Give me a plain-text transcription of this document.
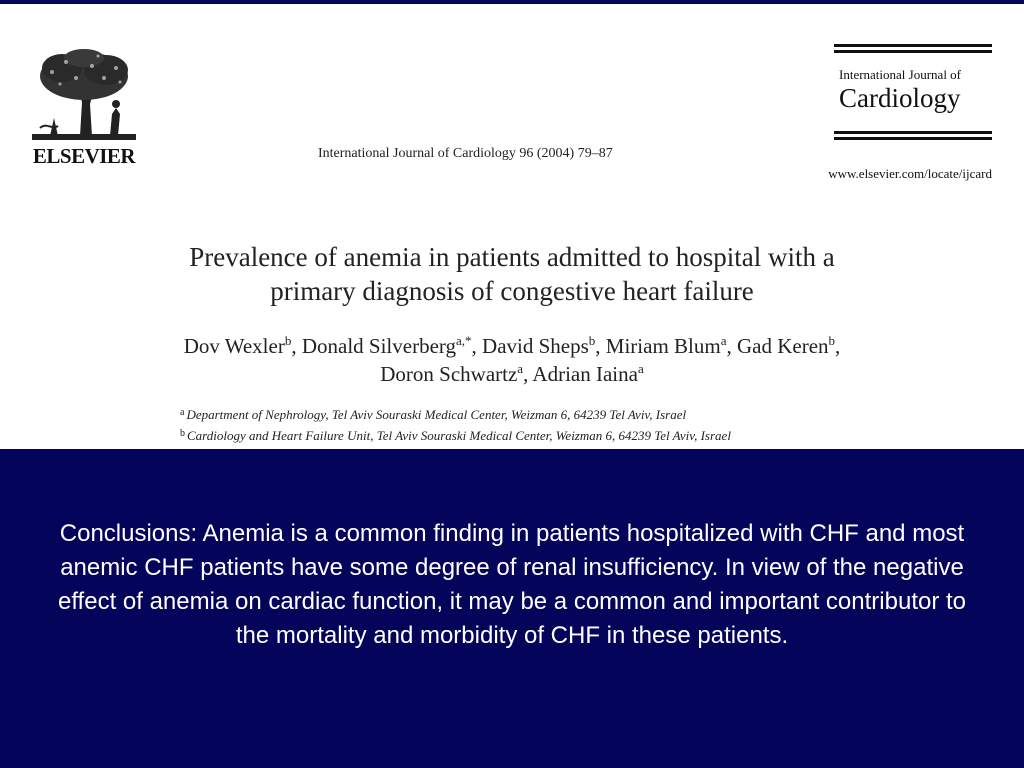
ELSEVIER	International Journal of Cardiology 96 (2004) 79–87
International Journal of
Cardiology
www.elsevier.com/locate/ijcard
Prevalence of anemia in patients admitted to hospital with a
primary diagnosis of congestive heart failure
Dov Wexler$^b$, Donald Silverberg$^{a,*}$, David Sheps$^b$, Miriam Blum$^a$, Gad Keren$^b$,
Doron Schwartz$^a$, Adrian Iaina$^a$
$^a$ Department of Nephrology, Tel Aviv Souraski Medical Center, Weizman 6, 64239 Tel Aviv, Israel
$^b$ Cardiology and Heart Failure Unit, Tel Aviv Souraski Medical Center, Weizman 6, 64239 Tel Aviv, Israel
Conclusions: Anemia is a common finding in patients hospitalized with CHF and most anemic CHF patients have some degree of renal insufficiency. In view of the negative effect of anemia on cardiac function, it may be a common and important contributor to the mortality and morbidity of CHF in these patients.
